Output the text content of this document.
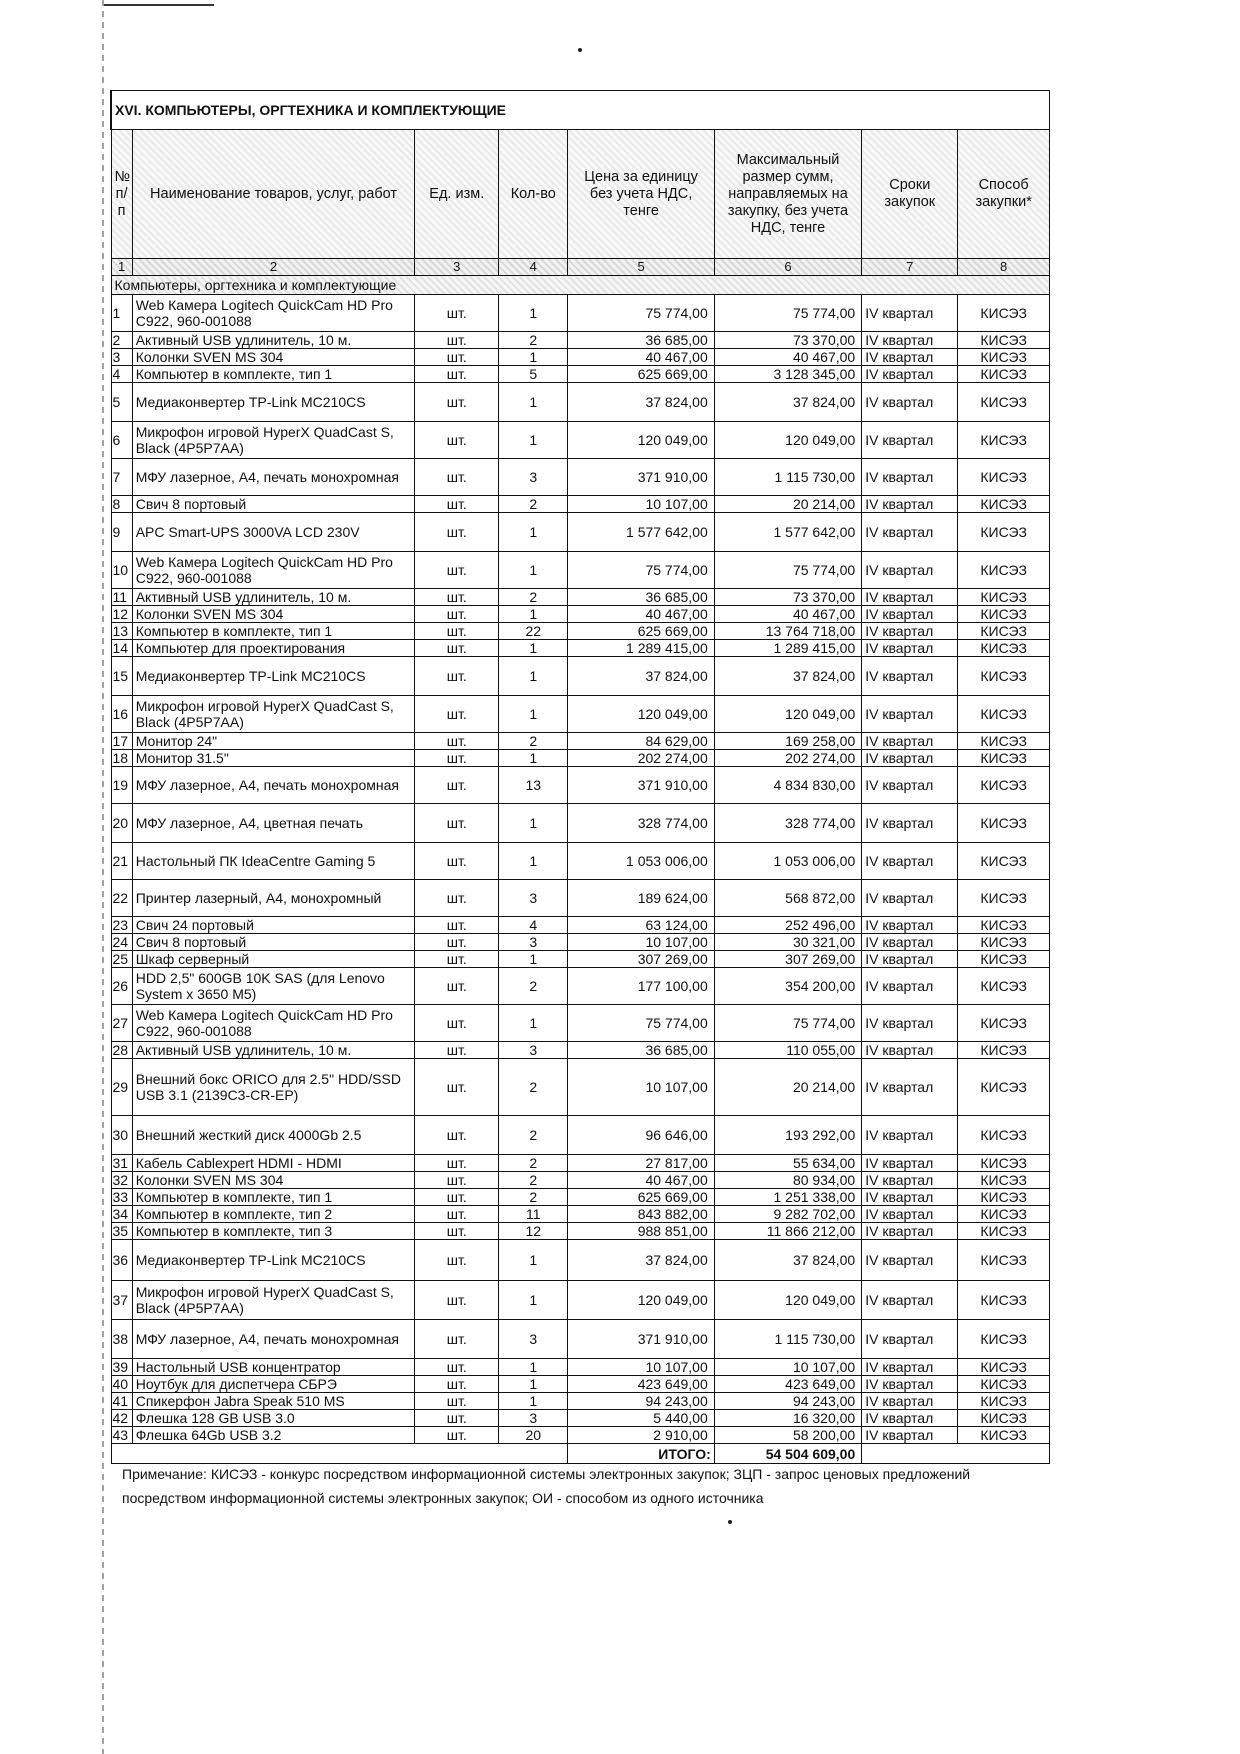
XVI. КОМПЬЮТЕРЫ, ОРГТЕХНИКА И КОМПЛЕКТУЮЩИЕ							
№ п/п	Наименование товаров, услуг, работ	Ед. изм.	Кол-во	Цена за единицу без учета НДС, тенге	Максимальный размер сумм, направляемых на закупку, без учета НДС, тенге	Сроки закупок	Способ закупки*
1	2	3	4	5	6	7	8
Компьютеры, оргтехника и комплектующие							
1	Web Камера Logitech QuickCam HD Pro C922, 960-001088	шт.	1	75 774,00	75 774,00	IV квартал	КИСЭЗ
2	Активный USB удлинитель, 10 м.	шт.	2	36 685,00	73 370,00	IV квартал	КИСЭЗ
3	Колонки SVEN MS 304	шт.	1	40 467,00	40 467,00	IV квартал	КИСЭЗ
4	Компьютер в комплекте, тип 1	шт.	5	625 669,00	3 128 345,00	IV квартал	КИСЭЗ
5	Медиаконвертер TP-Link MC210CS	шт.	1	37 824,00	37 824,00	IV квартал	КИСЭЗ
6	Микрофон игровой HyperX QuadCast S, Black (4P5P7AA)	шт.	1	120 049,00	120 049,00	IV квартал	КИСЭЗ
7	МФУ лазерное, А4, печать монохромная	шт.	3	371 910,00	1 115 730,00	IV квартал	КИСЭЗ
8	Свич 8 портовый	шт.	2	10 107,00	20 214,00	IV квартал	КИСЭЗ
9	APC Smart-UPS 3000VA LCD 230V	шт.	1	1 577 642,00	1 577 642,00	IV квартал	КИСЭЗ
10	Web Камера Logitech QuickCam HD Pro C922, 960-001088	шт.	1	75 774,00	75 774,00	IV квартал	КИСЭЗ
11	Активный USB удлинитель, 10 м.	шт.	2	36 685,00	73 370,00	IV квартал	КИСЭЗ
12	Колонки SVEN MS 304	шт.	1	40 467,00	40 467,00	IV квартал	КИСЭЗ
13	Компьютер в комплекте, тип 1	шт.	22	625 669,00	13 764 718,00	IV квартал	КИСЭЗ
14	Компьютер для проектирования	шт.	1	1 289 415,00	1 289 415,00	IV квартал	КИСЭЗ
15	Медиаконвертер TP-Link MC210CS	шт.	1	37 824,00	37 824,00	IV квартал	КИСЭЗ
16	Микрофон игровой HyperX QuadCast S, Black (4P5P7AA)	шт.	1	120 049,00	120 049,00	IV квартал	КИСЭЗ
17	Монитор 24"	шт.	2	84 629,00	169 258,00	IV квартал	КИСЭЗ
18	Монитор 31.5"	шт.	1	202 274,00	202 274,00	IV квартал	КИСЭЗ
19	МФУ лазерное, А4, печать монохромная	шт.	13	371 910,00	4 834 830,00	IV квартал	КИСЭЗ
20	МФУ лазерное, А4, цветная печать	шт.	1	328 774,00	328 774,00	IV квартал	КИСЭЗ
21	Настольный ПК IdeaCentre Gaming 5	шт.	1	1 053 006,00	1 053 006,00	IV квартал	КИСЭЗ
22	Принтер лазерный, А4, монохромный	шт.	3	189 624,00	568 872,00	IV квартал	КИСЭЗ
23	Свич 24 портовый	шт.	4	63 124,00	252 496,00	IV квартал	КИСЭЗ
24	Свич 8 портовый	шт.	3	10 107,00	30 321,00	IV квартал	КИСЭЗ
25	Шкаф серверный	шт.	1	307 269,00	307 269,00	IV квартал	КИСЭЗ
26	HDD 2,5" 600GB 10K SAS (для Lenovo System x 3650 M5)	шт.	2	177 100,00	354 200,00	IV квартал	КИСЭЗ
27	Web Камера Logitech QuickCam HD Pro C922, 960-001088	шт.	1	75 774,00	75 774,00	IV квартал	КИСЭЗ
28	Активный USB удлинитель, 10 м.	шт.	3	36 685,00	110 055,00	IV квартал	КИСЭЗ
29	Внешний бокс ORICO для 2.5" HDD/SSD USB 3.1 (2139C3-CR-EP)	шт.	2	10 107,00	20 214,00	IV квартал	КИСЭЗ
30	Внешний жесткий диск 4000Gb 2.5	шт.	2	96 646,00	193 292,00	IV квартал	КИСЭЗ
31	Кабель Cablexpert HDMI - HDMI	шт.	2	27 817,00	55 634,00	IV квартал	КИСЭЗ
32	Колонки SVEN MS 304	шт.	2	40 467,00	80 934,00	IV квартал	КИСЭЗ
33	Компьютер в комплекте, тип 1	шт.	2	625 669,00	1 251 338,00	IV квартал	КИСЭЗ
34	Компьютер в комплекте, тип 2	шт.	11	843 882,00	9 282 702,00	IV квартал	КИСЭЗ
35	Компьютер в комплекте, тип 3	шт.	12	988 851,00	11 866 212,00	IV квартал	КИСЭЗ
36	Медиаконвертер TP-Link MC210CS	шт.	1	37 824,00	37 824,00	IV квартал	КИСЭЗ
37	Микрофон игровой HyperX QuadCast S, Black (4P5P7AA)	шт.	1	120 049,00	120 049,00	IV квартал	КИСЭЗ
38	МФУ лазерное, А4, печать монохромная	шт.	3	371 910,00	1 115 730,00	IV квартал	КИСЭЗ
39	Настольный USB концентратор	шт.	1	10 107,00	10 107,00	IV квартал	КИСЭЗ
40	Ноутбук для диспетчера СБРЭ	шт.	1	423 649,00	423 649,00	IV квартал	КИСЭЗ
41	Спикерфон Jabra Speak 510 MS	шт.	1	94 243,00	94 243,00	IV квартал	КИСЭЗ
42	Флешка 128 GB USB 3.0	шт.	3	5 440,00	16 320,00	IV квартал	КИСЭЗ
43	Флешка 64Gb USB 3.2	шт.	20	2 910,00	58 200,00	IV квартал	КИСЭЗ
				ИТОГО:	54 504 609,00		

Примечание: КИСЭЗ - конкурс посредством информационной системы электронных закупок; ЗЦП - запрос ценовых предложений посредством информационной системы электронных закупок; ОИ - способом из одного источника
